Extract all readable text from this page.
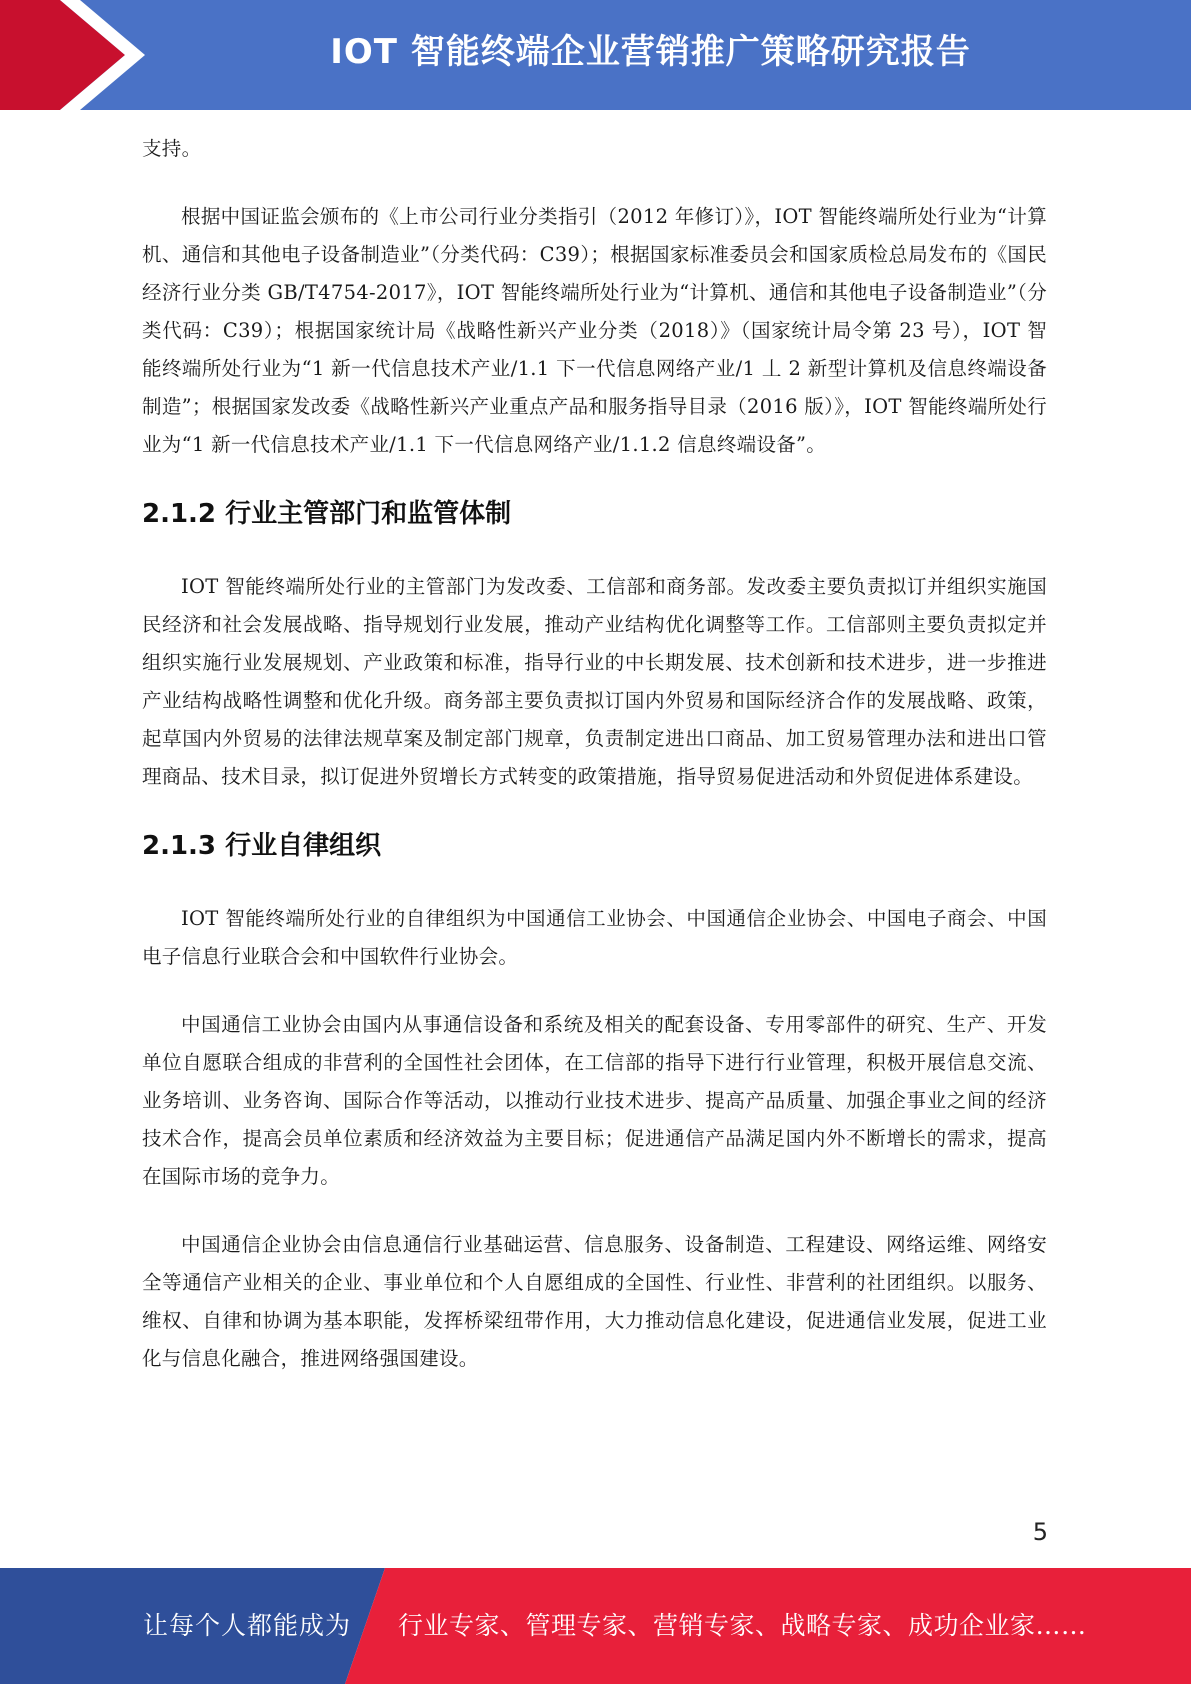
IOT 智能终端企业营销推广策略研究报告

支持。

根据中国证监会颁布的《上市公司行业分类指引（2012 年修订）》，IOT 智能终端所处行业为“计算机、通信和其他电子设备制造业”（分类代码：C39）；根据国家标准委员会和国家质检总局发布的《国民经济行业分类 GB/T4754-2017》，IOT 智能终端所处行业为“计算机、通信和其他电子设备制造业”（分类代码：C39）；根据国家统计局《战略性新兴产业分类（2018）》（国家统计局令第 23 号），IOT 智能终端所处行业为“1 新一代信息技术产业/1.1 下一代信息网络产业/1 丄 2 新型计算机及信息终端设备制造”；根据国家发改委《战略性新兴产业重点产品和服务指导目录（2016 版）》，IOT 智能终端所处行业为“1 新一代信息技术产业/1.1 下一代信息网络产业/1.1.2 信息终端设备”。

2.1.2 行业主管部门和监管体制

IOT 智能终端所处行业的主管部门为发改委、工信部和商务部。发改委主要负责拟订并组织实施国民经济和社会发展战略、指导规划行业发展，推动产业结构优化调整等工作。工信部则主要负责拟定并组织实施行业发展规划、产业政策和标准，指导行业的中长期发展、技术创新和技术进步，进一步推进产业结构战略性调整和优化升级。商务部主要负责拟订国内外贸易和国际经济合作的发展战略、政策，起草国内外贸易的法律法规草案及制定部门规章，负责制定进出口商品、加工贸易管理办法和进出口管理商品、技术目录，拟订促进外贸增长方式转变的政策措施，指导贸易促进活动和外贸促进体系建设。

2.1.3 行业自律组织

IOT 智能终端所处行业的自律组织为中国通信工业协会、中国通信企业协会、中国电子商会、中国电子信息行业联合会和中国软件行业协会。

中国通信工业协会由国内从事通信设备和系统及相关的配套设备、专用零部件的研究、生产、开发单位自愿联合组成的非营利的全国性社会团体，在工信部的指导下进行行业管理，积极开展信息交流、业务培训、业务咨询、国际合作等活动，以推动行业技术进步、提高产品质量、加强企事业之间的经济技术合作，提高会员单位素质和经济效益为主要目标；促进通信产品满足国内外不断增长的需求，提高在国际市场的竞争力。

中国通信企业协会由信息通信行业基础运营、信息服务、设备制造、工程建设、网络运维、网络安全等通信产业相关的企业、事业单位和个人自愿组成的全国性、行业性、非营利的社团组织。以服务、维权、自律和协调为基本职能，发挥桥梁纽带作用，大力推动信息化建设，促进通信业发展，促进工业化与信息化融合，推进网络强国建设。

5
让每个人都能成为 行业专家、管理专家、营销专家、战略专家、成功企业家……
